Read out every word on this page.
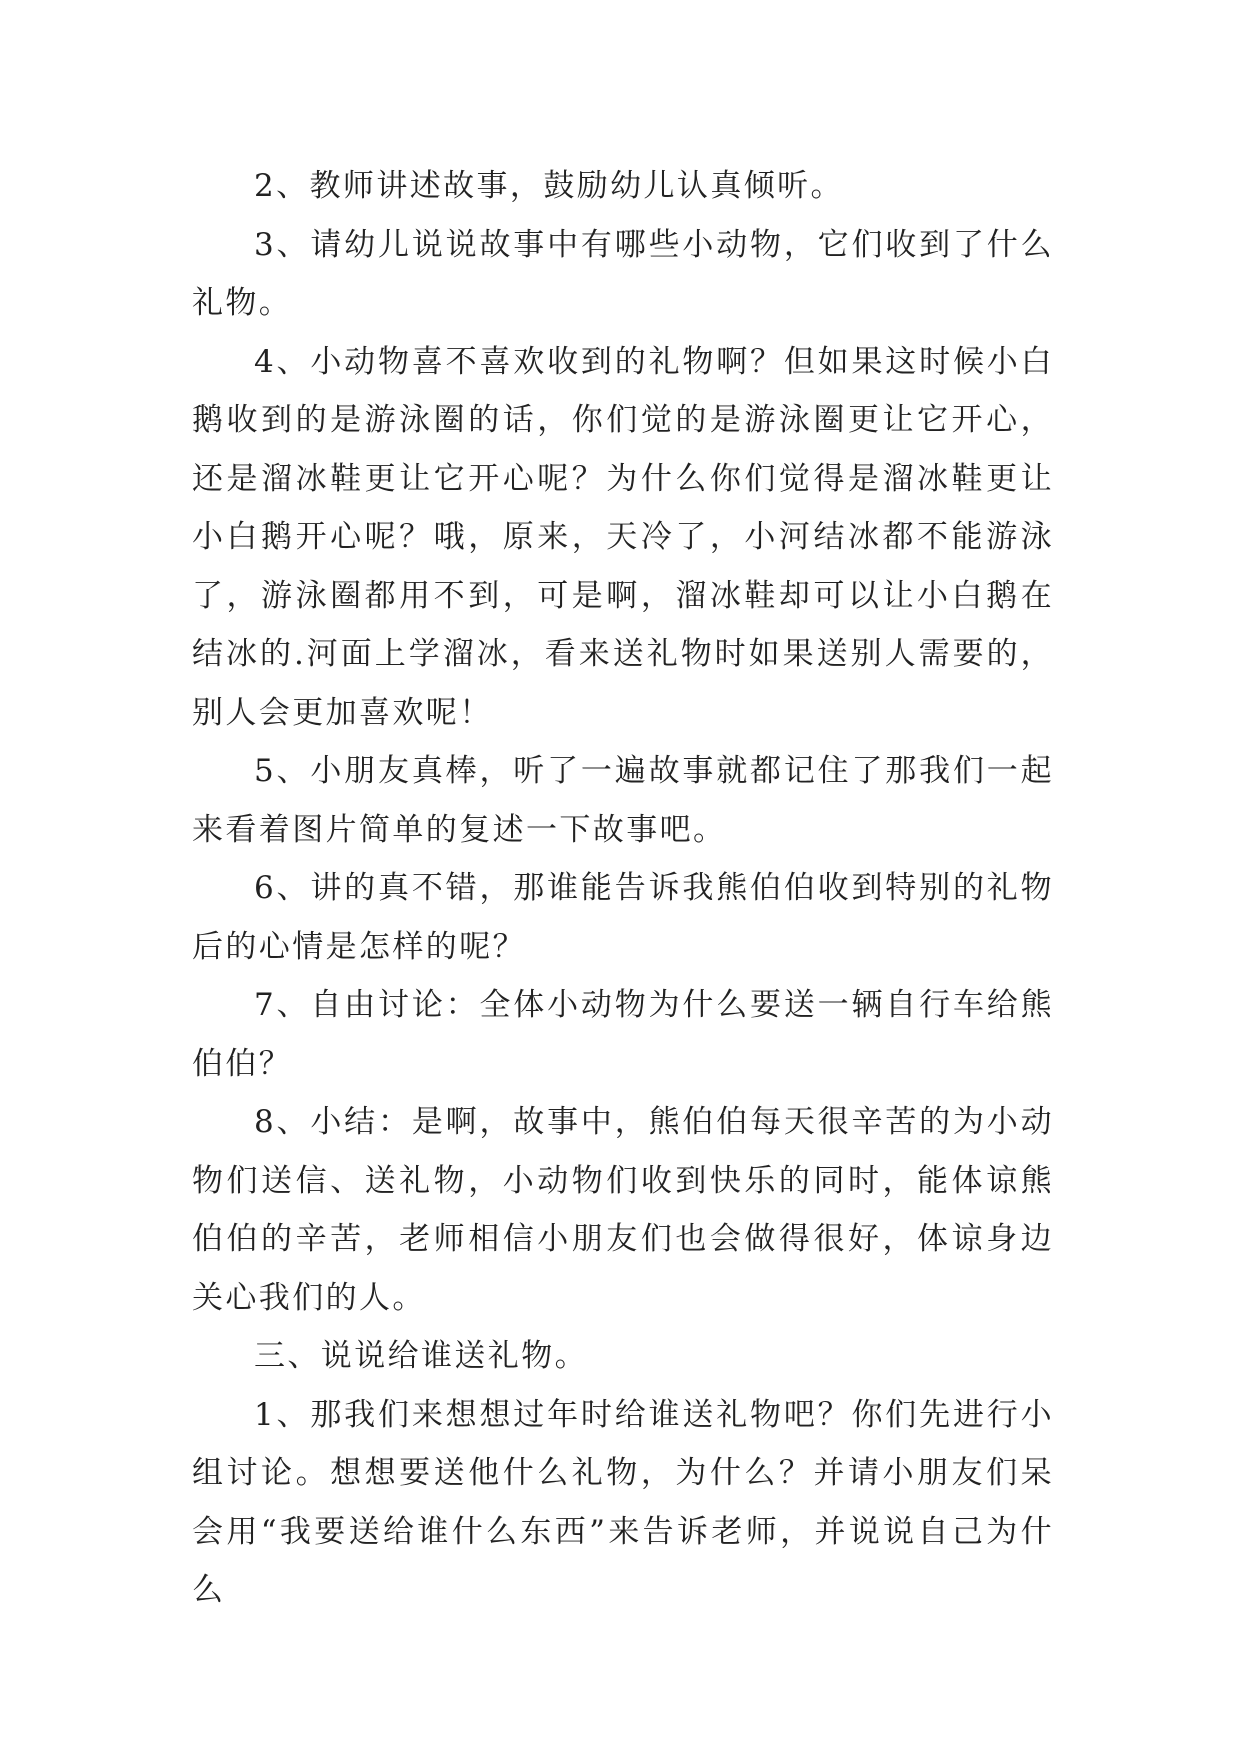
2、教师讲述故事，鼓励幼儿认真倾听。

3、请幼儿说说故事中有哪些小动物，它们收到了什么礼物。

4、小动物喜不喜欢收到的礼物啊？但如果这时候小白鹅收到的是游泳圈的话，你们觉的是游泳圈更让它开心，还是溜冰鞋更让它开心呢？为什么你们觉得是溜冰鞋更让小白鹅开心呢？哦，原来，天冷了，小河结冰都不能游泳了，游泳圈都用不到，可是啊，溜冰鞋却可以让小白鹅在结冰的.河面上学溜冰，看来送礼物时如果送别人需要的，别人会更加喜欢呢！

5、小朋友真棒，听了一遍故事就都记住了那我们一起来看着图片简单的复述一下故事吧。

6、讲的真不错，那谁能告诉我熊伯伯收到特别的礼物后的心情是怎样的呢？

7、自由讨论：全体小动物为什么要送一辆自行车给熊伯伯？

8、小结：是啊，故事中，熊伯伯每天很辛苦的为小动物们送信、送礼物，小动物们收到快乐的同时，能体谅熊伯伯的辛苦，老师相信小朋友们也会做得很好，体谅身边关心我们的人。

三、说说给谁送礼物。

1、那我们来想想过年时给谁送礼物吧？你们先进行小组讨论。想想要送他什么礼物，为什么？并请小朋友们呆会用“我要送给谁什么东西”来告诉老师，并说说自己为什么
